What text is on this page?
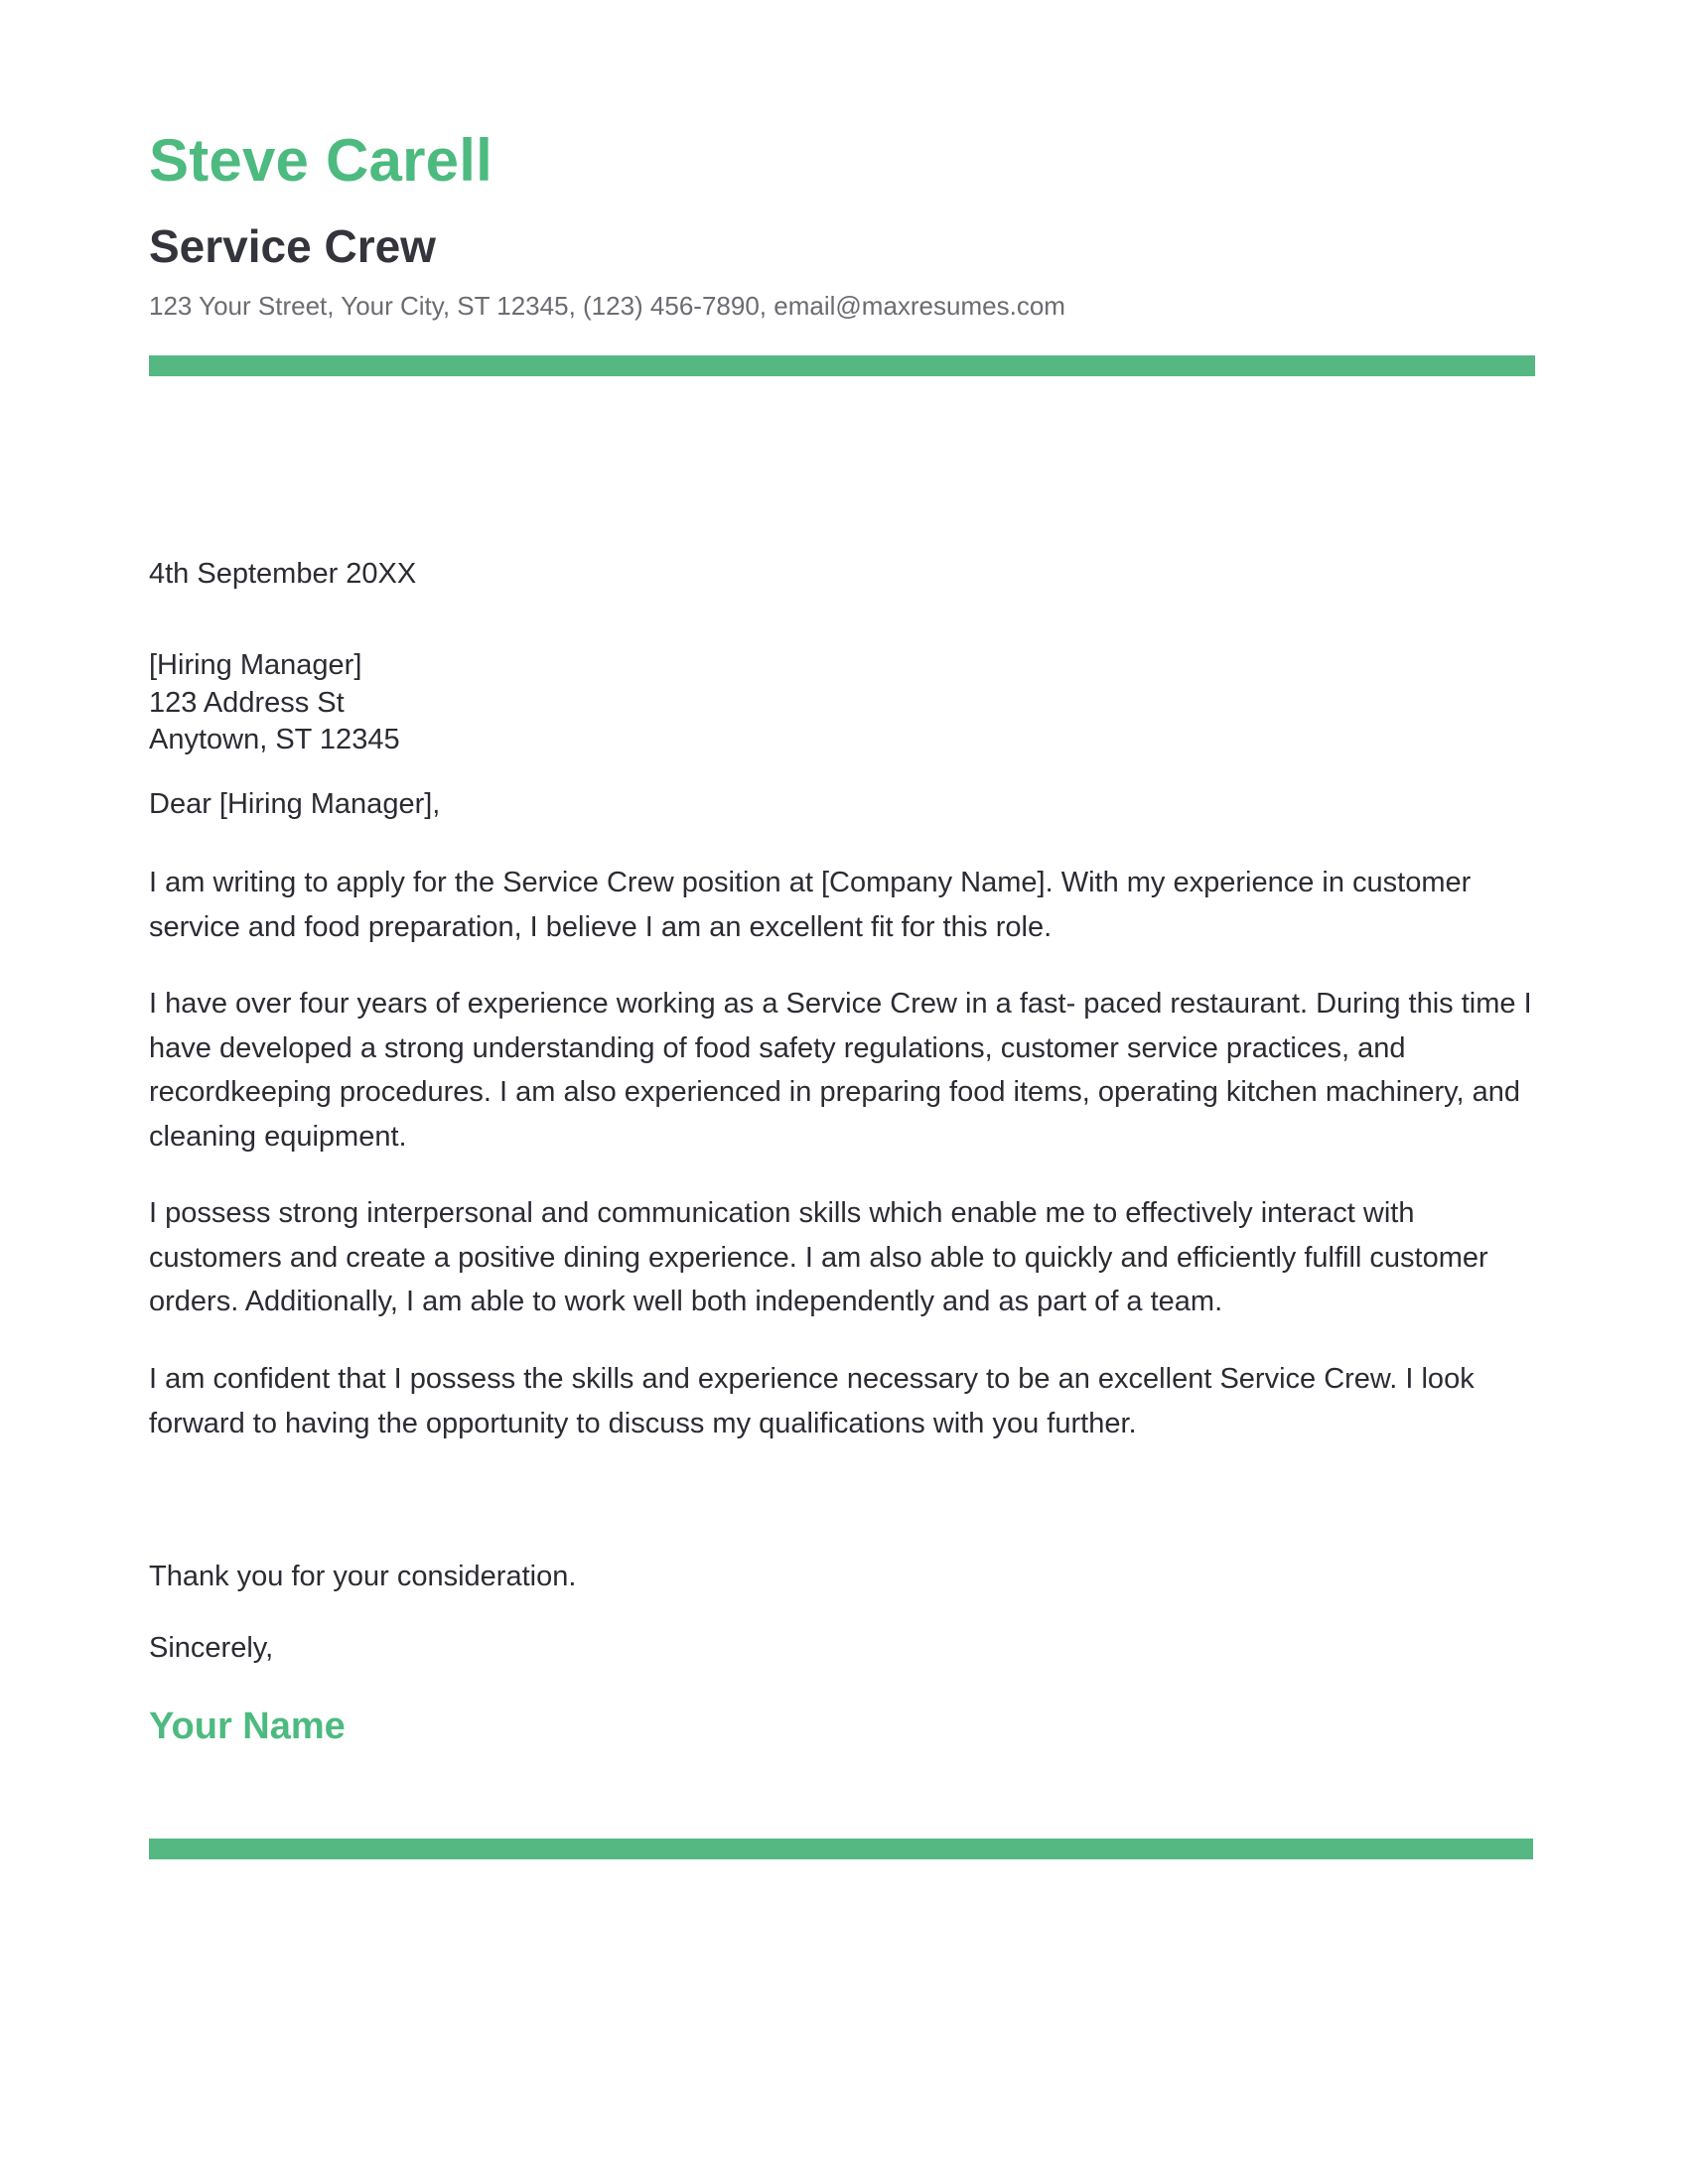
Steve Carell
Service Crew
123 Your Street, Your City, ST 12345, (123) 456-7890, email@maxresumes.com

4th September 20XX

[Hiring Manager]
123 Address St
Anytown, ST 12345

Dear [Hiring Manager],

I am writing to apply for the Service Crew position at [Company Name]. With my experience in customer service and food preparation, I believe I am an excellent fit for this role.

I have over four years of experience working as a Service Crew in a fast- paced restaurant. During this time I have developed a strong understanding of food safety regulations, customer service practices, and recordkeeping procedures. I am also experienced in preparing food items, operating kitchen machinery, and cleaning equipment.

I possess strong interpersonal and communication skills which enable me to effectively interact with customers and create a positive dining experience. I am also able to quickly and efficiently fulfill customer orders. Additionally, I am able to work well both independently and as part of a team.

I am confident that I possess the skills and experience necessary to be an excellent Service Crew. I look forward to having the opportunity to discuss my qualifications with you further.

Thank you for your consideration.

Sincerely,

Your Name
